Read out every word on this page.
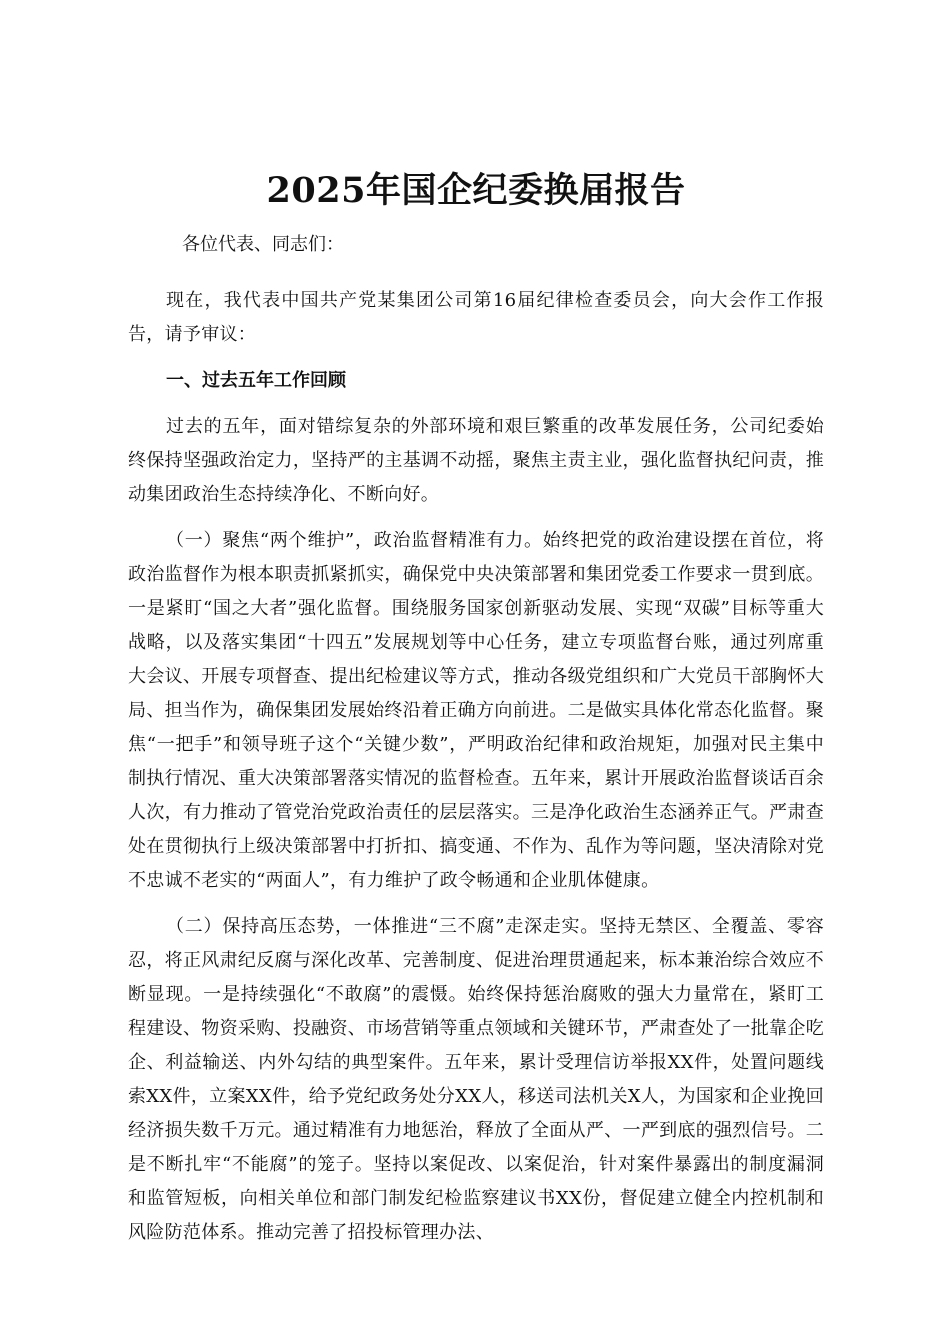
2025年国企纪委换届报告

各位代表、同志们：

现在，我代表中国共产党某集团公司第16届纪律检查委员会，向大会作工作报告，请予审议：

一、过去五年工作回顾

过去的五年，面对错综复杂的外部环境和艰巨繁重的改革发展任务，公司纪委始终保持坚强政治定力，坚持严的主基调不动摇，聚焦主责主业，强化监督执纪问责，推动集团政治生态持续净化、不断向好。

（一）聚焦“两个维护”，政治监督精准有力。始终把党的政治建设摆在首位，将政治监督作为根本职责抓紧抓实，确保党中央决策部署和集团党委工作要求一贯到底。一是紧盯“国之大者”强化监督。围绕服务国家创新驱动发展、实现“双碳”目标等重大战略，以及落实集团“十四五”发展规划等中心任务，建立专项监督台账，通过列席重大会议、开展专项督查、提出纪检建议等方式，推动各级党组织和广大党员干部胸怀大局、担当作为，确保集团发展始终沿着正确方向前进。二是做实具体化常态化监督。聚焦“一把手”和领导班子这个“关键少数”，严明政治纪律和政治规矩，加强对民主集中制执行情况、重大决策部署落实情况的监督检查。五年来，累计开展政治监督谈话百余人次，有力推动了管党治党政治责任的层层落实。三是净化政治生态涵养正气。严肃查处在贯彻执行上级决策部署中打折扣、搞变通、不作为、乱作为等问题，坚决清除对党不忠诚不老实的“两面人”，有力维护了政令畅通和企业肌体健康。

（二）保持高压态势，一体推进“三不腐”走深走实。坚持无禁区、全覆盖、零容忍，将正风肃纪反腐与深化改革、完善制度、促进治理贯通起来，标本兼治综合效应不断显现。一是持续强化“不敢腐”的震慑。始终保持惩治腐败的强大力量常在，紧盯工程建设、物资采购、投融资、市场营销等重点领域和关键环节，严肃查处了一批靠企吃企、利益输送、内外勾结的典型案件。五年来，累计受理信访举报XX件，处置问题线索XX件，立案XX件，给予党纪政务处分XX人，移送司法机关X人，为国家和企业挽回经济损失数千万元。通过精准有力地惩治，释放了全面从严、一严到底的强烈信号。二是不断扎牢“不能腐”的笼子。坚持以案促改、以案促治，针对案件暴露出的制度漏洞和监管短板，向相关单位和部门制发纪检监察建议书XX份，督促建立健全内控机制和风险防范体系。推动完善了招投标管理办法、
